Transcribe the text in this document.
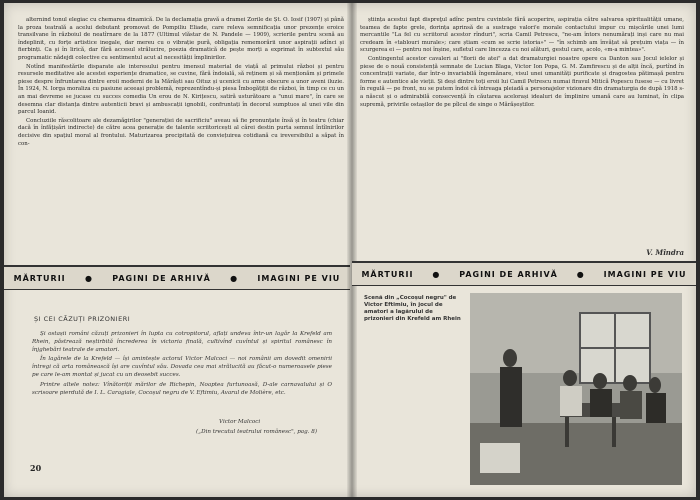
alternind tonul elegiac cu chemarea dinamică. De la declamația gravă a dramei Zorile de Șt. O. Iosif (1907) și până la proza teatrală a acelui debutant promovat de Pompiliu Eliade, care releva semnificația unor prezențe eroice transilvane în războiul de neatîrnare de la 1877 (Ultimul vlăstar de N. Pandele — 1909), scrierile pentru scenă au îndeplinit, cu forțe artistice inegale, dar mereu cu o vibrație pură, obligația rememorării unor aspirații adînci și fierbinți. Ca și în lirică, dar fără accesul strălucire, poezia dramatică de pește morți a exprimat în subtextul său programatic nădejdi colective cu sentimentul acut al necesității împlinirilor.

Notînd manifestările disparate ale interesului pentru imensul material de viață al primului război și pentru resursele meditative ale acestei experiențe dramatice, se cuvine, fără îndoială, să reținem și să menționăm și primele piese despre înfruntarea dintre eroii moderni de la Mărăști sau Oituz și ucenicii cu arme obscure a unor aveni iluzie. În 1924, N. Iorga moraliza cu pasiune aceeași problemă, reprezentîndu-și piesa Îmbogățiții de război, în timp ce cu un an mai devreme se jucase cu succes comedia Un erou de N. Kirițescu, satiră usturătoare a "unui mare", în care se desemna clar distanța dintre autenticii bravi și ambuscații ignobili, confruntați în decorul sumptuos al unei vile din parcul Ioanid.

Concluziile răscolitoare ale dezamăgirilor "generației de sacrificiu" aveau să fie pronunțate însă și în teatru (chiar dacă în înfățișări indirecte) de către acea generație de talente scriitoricești al cărei destin purta semnul întîlnirilor decisive din spațiul moral al frontului. Maturizarea precipitată de conviețuirea cotidiană cu ireversibilul a săpat în con-

MĂRTURII ● PAGINI DE ARHIVĂ ● IMAGINI PE VIU
ȘI CEI CĂZUȚI PRIZONIERI

Și ostașii români căzuți prizonieri în lupta cu cotropitorul, aflați undeva într-un lagăr la Krefeld am Rhein, păstrează neștirbită încrederea în victoria finală, cultivînd cuvîntul și spiritul românesc în înjghebări teatrale de amatori.

În lagărele de la Krefeld — își amintește actorul Victor Malcoci — noi românii am dovedit omenirii întregi că arta românească își are cuvîntul său. Dovada cea mai strălucită au făcut-o numeroasele piese pe care le-am montat și jucat cu un deosebit succes.

Printre altele notez: Vînătoriții mărilor de Richepin, Noaptea furtunoasă, D-ale carnavalului și O scrisoare pierdută de I. L. Caragiale, Cocoșul negru de V. Eftimiu, Avarul de Molière, etc.

Victor Malcoci
(„Din trecutul teatrului românesc", pag. 8)
20

știința acestui fapt dispreţul adînc pentru cuvintele fără acoperire, aspirația către salvarea spiritualității umane, teamea de fapte grele, dorința aprinsă de a sustrage valori'e morale contactului impur cu mișcările unei lumi mercantile "La fel cu scriitorul acestor rînduri", scria Camil Petrescu, "ne-am întors nenumărați inși care nu mai credeam în «tablouri murale»; care știam «cum se scrie istoria»" — "în schimb am învățat să prețuim viața — în scurgerea ei — pentru noi înșine, sufletul care lincezza cu noi alături, gestul care, acolo, «m-a mintea»".

Contingentul acestor cavaleri ai "florii de atei" a dat dramaturgiei noastre opere ca Danton sau Jocul ielelor și piese de o nouă consistență semnate de Lucian Blaga, Victor Ion Popa, G. M. Zamfirescu și de alții încă, purtînd în concentrații variate, dar într-o invariabilă îngemănare, visul unei umanități purificate și dragostea pătimașă pentru forme e autentice ale vieții. Și deși dintre toți eroii lui Camil Petrescu numai firavul Mitică Popescu fusese — cu livret în regulă — pe front, nu se putem îndoi că întreaga pleiadă a personajelor vizionare din dramaturgia de după 1918 s-a născut și o admirabilă consecvență în căutarea acelorași idealuri de împlinire umană care au luminat, în clipa supremă, privirile ostașilor de pe pîlcul de singe o Mărășeștilor.

V. Mîndra
MĂRTURII ● PAGINI DE ARHIVĂ ● IMAGINI PE VIU
Scenă din „Cocoșul negru" de Victor Eftimiu, în jocul de amatori a lagărului de prizonieri din Krefeld am Rhein
